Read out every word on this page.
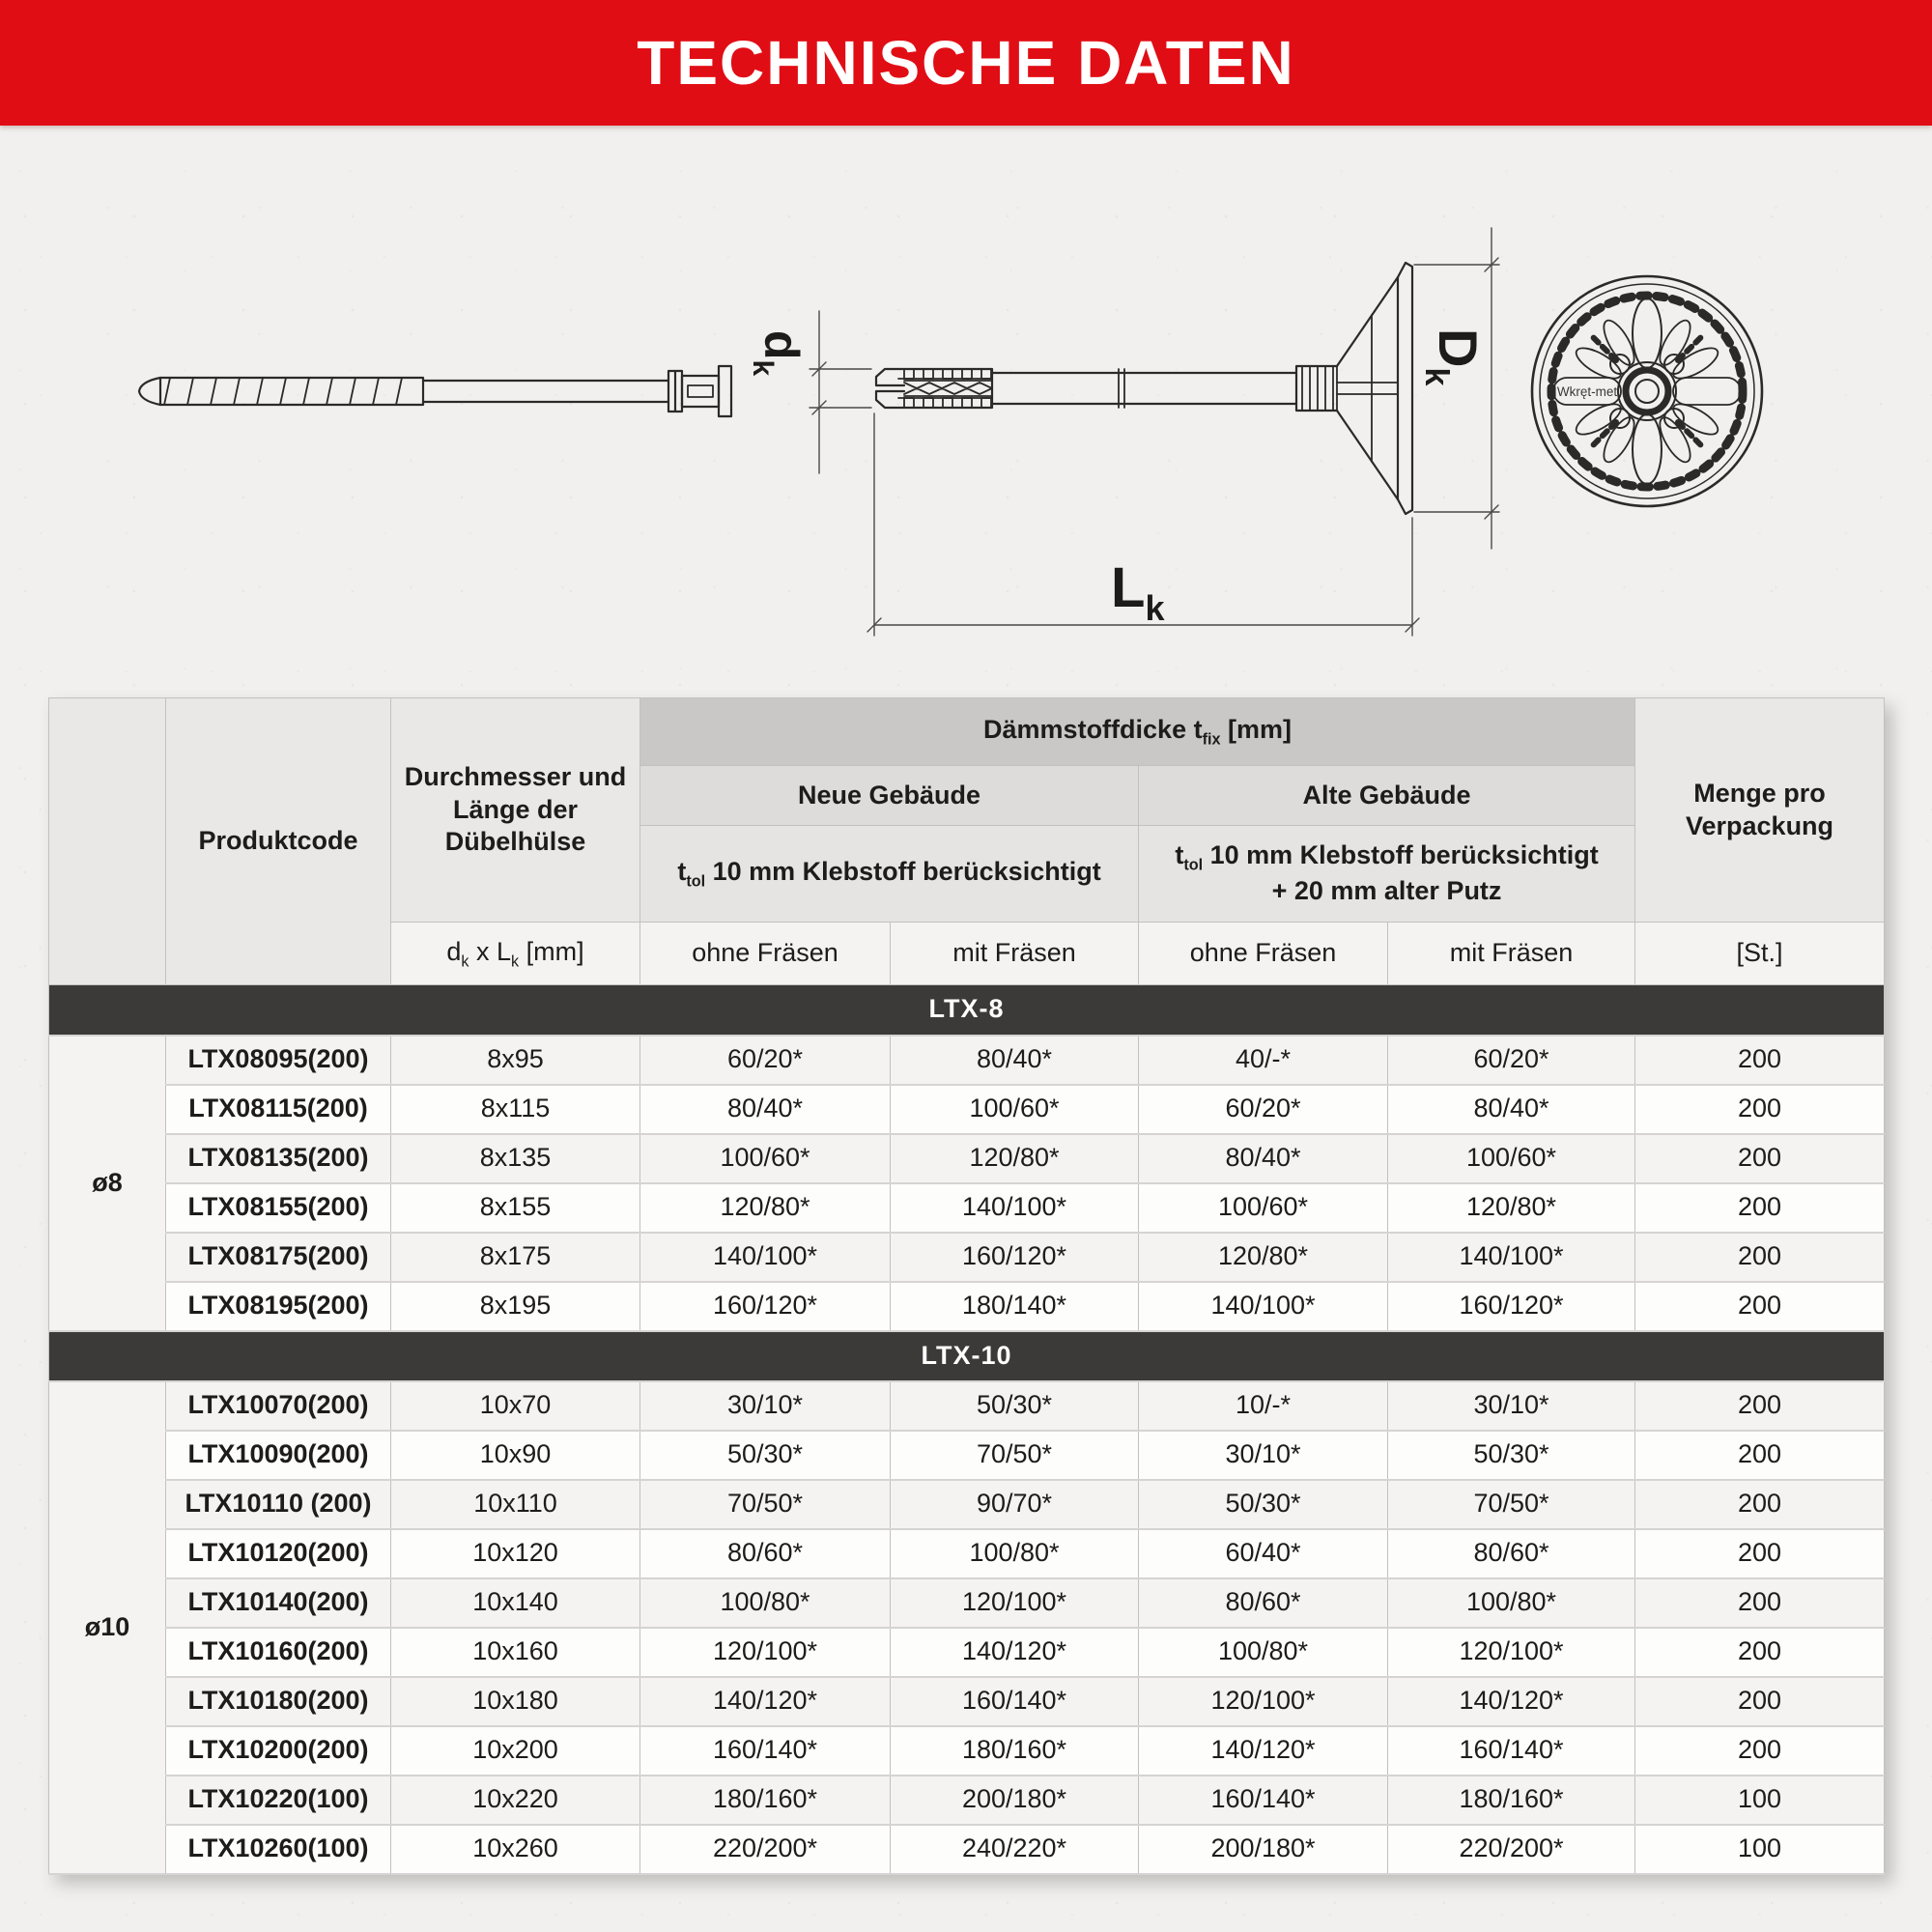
TECHNISCHE DATEN
$d_k$
$D_k$
$L_k$
Wkręt-met
	Produktcode	Durchmesser und Länge der Dübelhülse	Dämmstoffdicke $t_{fix}$ [mm]				Menge pro Verpackung
			Neue Gebäude		Alte Gebäude		
			$t_{tol}$ 10 mm Klebstoff berücksichtigt		$t_{tol}$ 10 mm Klebstoff berücksichtigt
+ 20 mm alter Putz		
		$d_k$ x $L_k$ [mm]	ohne Fräsen	mit Fräsen	ohne Fräsen	mit Fräsen	[St.]
LTX-8							
ø8	LTX08095(200)	8x95	60/20*	80/40*	40/-*	60/20*	200
	LTX08115(200)	8x115	80/40*	100/60*	60/20*	80/40*	200
	LTX08135(200)	8x135	100/60*	120/80*	80/40*	100/60*	200
	LTX08155(200)	8x155	120/80*	140/100*	100/60*	120/80*	200
	LTX08175(200)	8x175	140/100*	160/120*	120/80*	140/100*	200
	LTX08195(200)	8x195	160/120*	180/140*	140/100*	160/120*	200
LTX-10							
ø10	LTX10070(200)	10x70	30/10*	50/30*	10/-*	30/10*	200
	LTX10090(200)	10x90	50/30*	70/50*	30/10*	50/30*	200
	LTX10110 (200)	10x110	70/50*	90/70*	50/30*	70/50*	200
	LTX10120(200)	10x120	80/60*	100/80*	60/40*	80/60*	200
	LTX10140(200)	10x140	100/80*	120/100*	80/60*	100/80*	200
	LTX10160(200)	10x160	120/100*	140/120*	100/80*	120/100*	200
	LTX10180(200)	10x180	140/120*	160/140*	120/100*	140/120*	200
	LTX10200(200)	10x200	160/140*	180/160*	140/120*	160/140*	200
	LTX10220(100)	10x220	180/160*	200/180*	160/140*	180/160*	100
	LTX10260(100)	10x260	220/200*	240/220*	200/180*	220/200*	100
